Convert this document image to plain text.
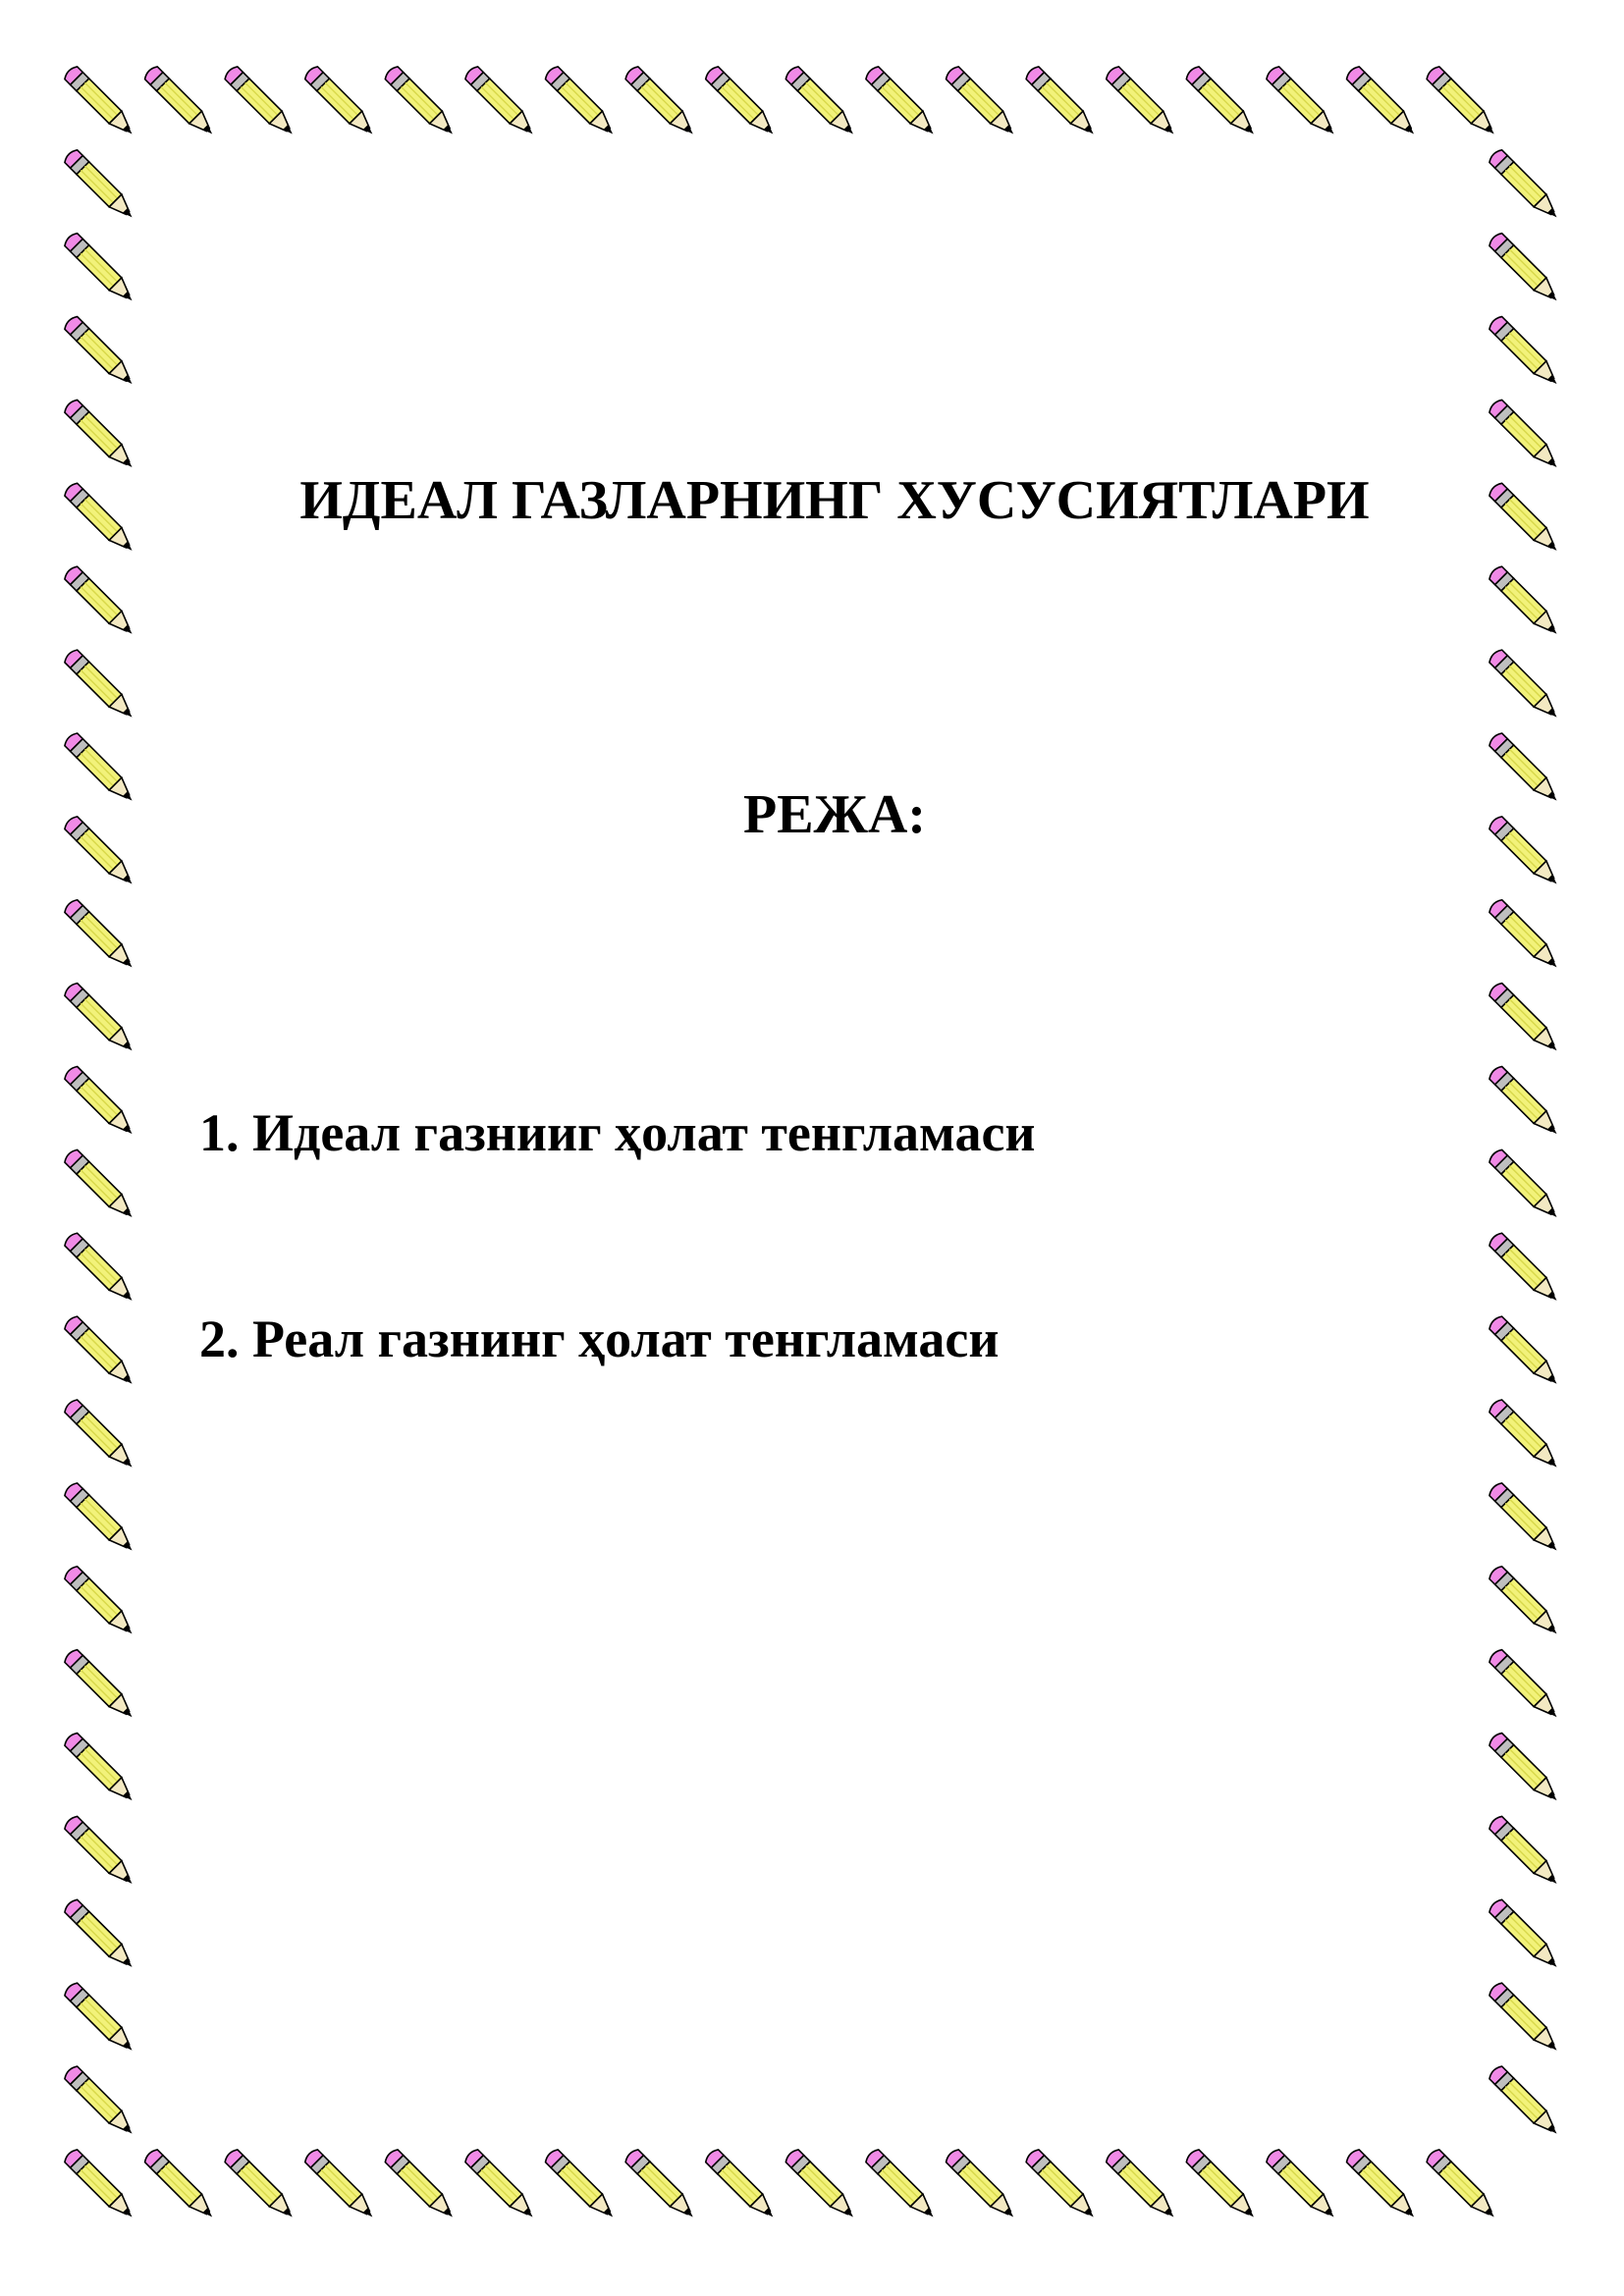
ИДЕАЛ ГАЗЛАРНИНГ ХУСУСИЯТЛАРИ
РЕЖА:

1. Идеал газнииг ҳолат тенгламаси

2. Реал газнинг ҳолат тенгламаси
